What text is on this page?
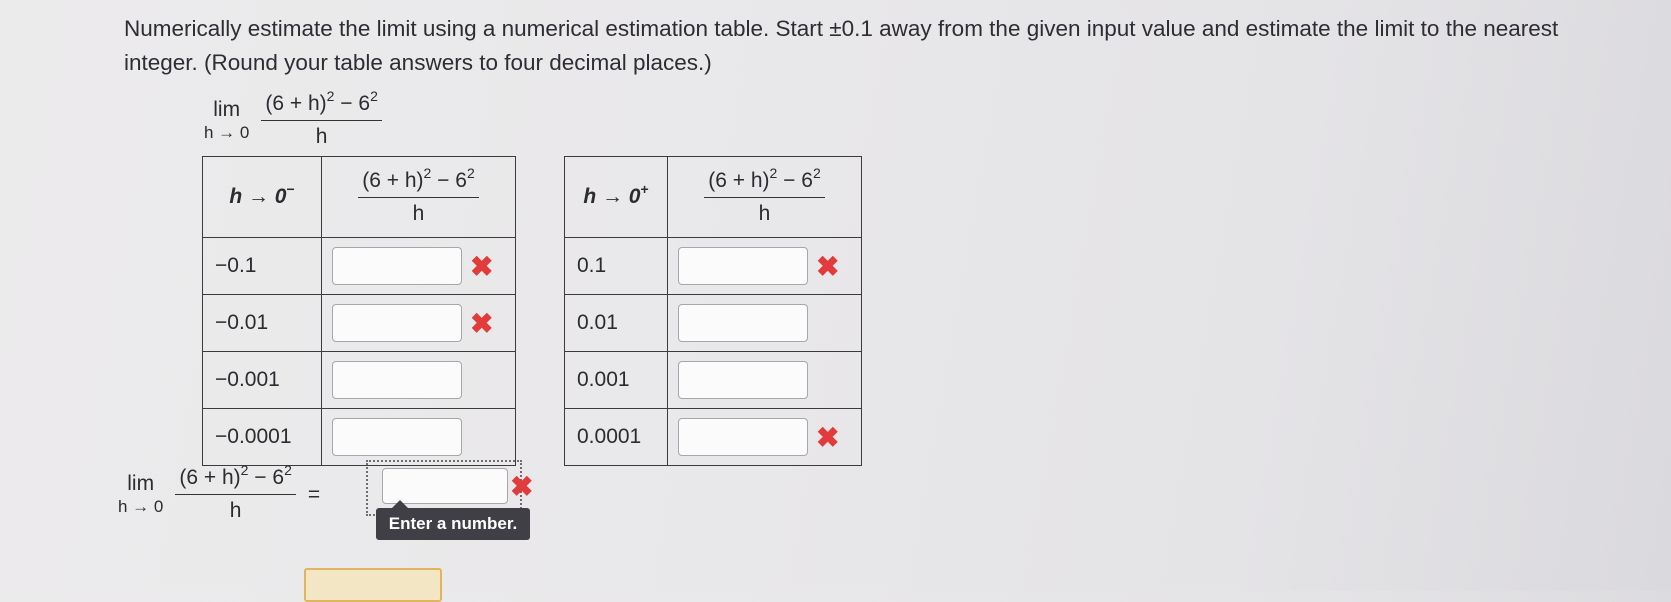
Numerically estimate the limit using a numerical estimation table. Start ±0.1 away from the given input value and estimate the limit to the nearest integer. (Round your table answers to four decimal places.)
lim
$h \to 0 \frac{(6 + h)^2 - 6^2}{h}$
h → 0−	$\frac{(6 + h)^2 - 6^2}{h}$

−0.1	✖
−0.01	✖
−0.001	
−0.0001	
h → 0+	$\frac{(6 + h)^2 - 6^2}{h}$

0.1	✖
0.01	
0.001	
0.0001	✖
lim
$h \to 0 \frac{(6 + h)^2 - 6^2}{h}$ =	✖
Enter a number.
